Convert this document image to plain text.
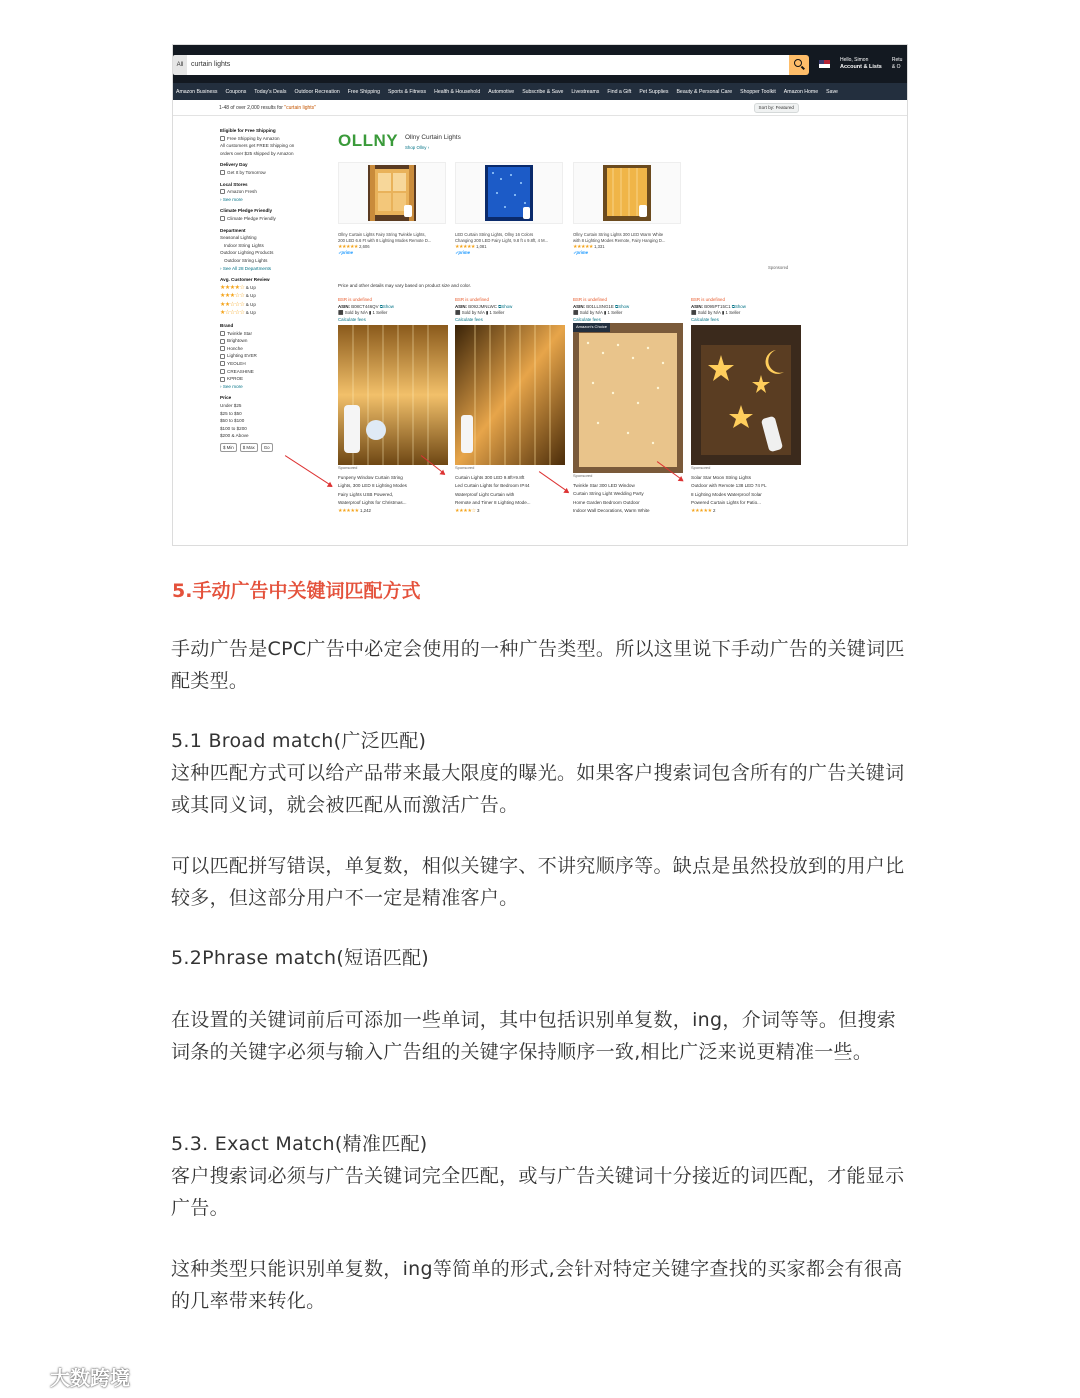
All	curtain lights
Hello, Simon
Account & Lists
Retu
& O
Amazon Business Coupons Today's Deals Outdoor Recreation Free Shipping Sports & Fitness Health & Household Automotive Subscribe & Save Livestreams Find a Gift Pet Supplies Beauty & Personal Care Shopper Toolkit Amazon Home Save
1-48 of over 2,000 results for
"curtain lights"	Sort by: Featured
Eligible for Free Shipping
Free Shipping by Amazon
All customers get FREE Shipping on
orders over $25 shipped by Amazon
Delivery Day
Get It by Tomorrow
Local Stores
Amazon Fresh
› See more
Climate Pledge Friendly
Climate Pledge Friendly
Department
Seasonal Lighting
Indoor String Lights
Outdoor Lighting Products
Outdoor String Lights
› See All 28 Departments
Avg. Customer Review
★★★★☆ & Up
★★★☆☆ & Up
★★☆☆☆ & Up
★☆☆☆☆ & Up
Brand
Twinkle Star
Brightown
Honche
Lighting EVER
YEOLEH
CREASHINE
KPROE
› See more
Price
Under $25
$25 to $50
$50 to $100
$100 to $200
$200 & Above
$ Min	$ Max	Go
OLLNY Ollny Curtain Lights
Shop Ollny ›
Ollny Curtain Lights Fairy String Twinkle Lights,
200 LED 6.6 Ft with 8 Lighting Modes Remote D...
★★★★★ 2,606
✓prime
LED Curtain String Lights, Ollny 16 Colors
Changing 200 LED Fairy Light, 9.8 ft x 9.8ft, 4 M...
★★★★★ 1,081
✓prime
Ollny Curtain String Lights 300 LED Warm White
with 8 Lighting Modes Remote, Fairy Hanging D...
★★★★★ 1,331
✓prime
Sponsored
Price and other details may vary based on product size and color.
BSR is undefined
ASIN: B08CT446QV ⧉Show
⬛ Sold by N/A ▮ 1 Seller
Calculate fees
Sponsored
Funpeny Window Curtain String
Lights, 300 LED 8 Lighting Modes
Fairy Lights USB Powered,
Waterproof Lights for Christmas...
★★★★★ 1,242
BSR is undefined
ASIN: B092JMNLWC ⧉Show
⬛ Sold by N/A ▮ 1 Seller
Calculate fees
Sponsored
Curtain Lights 300 LED 9.8ft×9.8ft
Led Curtain Lights for Bedroom IP44
Waterproof Light Curtain with
Remote and Timer 8 Lighting Mode...
★★★★☆ 3
BSR is undefined
ASIN: B01LLSNG1E ⧉Show
⬛ Sold by N/A ▮ 1 Seller
Calculate fees
Amazon's Choice
Sponsored
Twinkle Star 300 LED Window
Curtain String Light Wedding Party
Home Garden Bedroom Outdoor
Indoor Wall Decorations, Warm White
BSR is undefined
ASIN: B095PT15C1 ⧉Show
⬛ Sold by N/A ▮ 1 Seller
Calculate fees
Sponsored
Solar Star Moon String Lights
Outdoor with Remote 138 LED 74 FL
8 Lighting Modes Waterproof Solar
Powered Curtain Lights for Patio...
★★★★★ 2
5.手动广告中关键词匹配方式
手动广告是CPC广告中必定会使用的一种广告类型。所以这里说下手动广告的关键词匹配类型。
5.1 Broad match(广泛匹配)
这种匹配方式可以给产品带来最大限度的曝光。如果客户搜索词包含所有的广告关键词或其同义词，就会被匹配从而激活广告。
可以匹配拼写错误，单复数，相似关键字、不讲究顺序等。缺点是虽然投放到的用户比较多，但这部分用户不一定是精准客户。
5.2Phrase match(短语匹配)
在设置的关键词前后可添加一些单词，其中包括识别单复数，ing，介词等等。但搜索词条的关键字必须与输入广告组的关键字保持顺序一致,相比广泛来说更精准一些。
5.3. Exact Match(精准匹配)
客户搜索词必须与广告关键词完全匹配，或与广告关键词十分接近的词匹配，才能显示广告。
这种类型只能识别单复数，ing等简单的形式,会针对特定关键字查找的买家都会有很高的几率带来转化。
大数跨境
